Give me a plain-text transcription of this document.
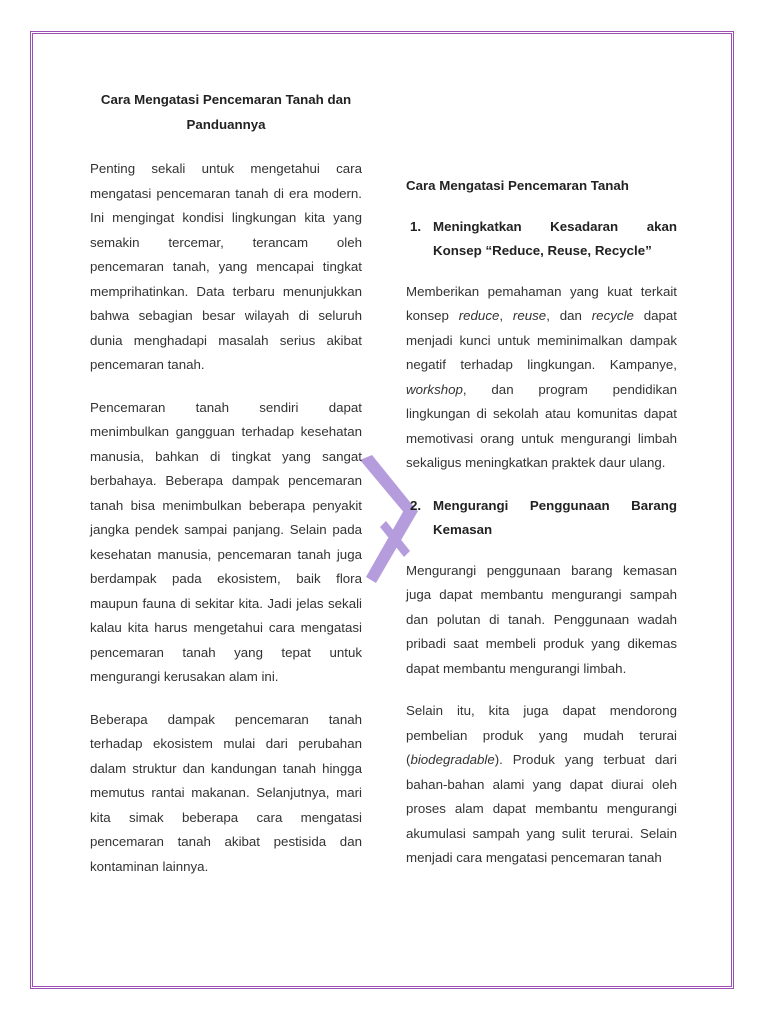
Cara Mengatasi Pencemaran Tanah dan Panduannya

Penting sekali untuk mengetahui cara mengatasi pencemaran tanah di era modern. Ini mengingat kondisi lingkungan kita yang semakin tercemar, terancam oleh pencemaran tanah, yang mencapai tingkat memprihatinkan. Data terbaru menunjukkan bahwa sebagian besar wilayah di seluruh dunia menghadapi masalah serius akibat pencemaran tanah.

Pencemaran tanah sendiri dapat menimbulkan gangguan terhadap kesehatan manusia, bahkan di tingkat yang sangat berbahaya. Beberapa dampak pencemaran tanah bisa menimbulkan beberapa penyakit jangka pendek sampai panjang. Selain pada kesehatan manusia, pencemaran tanah juga berdampak pada ekosistem, baik flora maupun fauna di sekitar kita. Jadi jelas sekali kalau kita harus mengetahui cara mengatasi pencemaran tanah yang tepat untuk mengurangi kerusakan alam ini.

Beberapa dampak pencemaran tanah terhadap ekosistem mulai dari perubahan dalam struktur dan kandungan tanah hingga memutus rantai makanan. Selanjutnya, mari kita simak beberapa cara mengatasi pencemaran tanah akibat pestisida dan kontaminan lainnya.

Cara Mengatasi Pencemaran Tanah
1. Meningkatkan Kesadaran akan Konsep “Reduce, Reuse, Recycle”

Memberikan pemahaman yang kuat terkait konsep reduce, reuse, dan recycle dapat menjadi kunci untuk meminimalkan dampak negatif terhadap lingkungan. Kampanye, workshop, dan program pendidikan lingkungan di sekolah atau komunitas dapat memotivasi orang untuk mengurangi limbah sekaligus meningkatkan praktek daur ulang.

2. Mengurangi Penggunaan Barang Kemasan

Mengurangi penggunaan barang kemasan juga dapat membantu mengurangi sampah dan polutan di tanah. Penggunaan wadah pribadi saat membeli produk yang dikemas dapat membantu mengurangi limbah.

Selain itu, kita juga dapat mendorong pembelian produk yang mudah terurai (biodegradable). Produk yang terbuat dari bahan-bahan alami yang dapat diurai oleh proses alam dapat membantu mengurangi akumulasi sampah yang sulit terurai. Selain menjadi cara mengatasi pencemaran tanah
